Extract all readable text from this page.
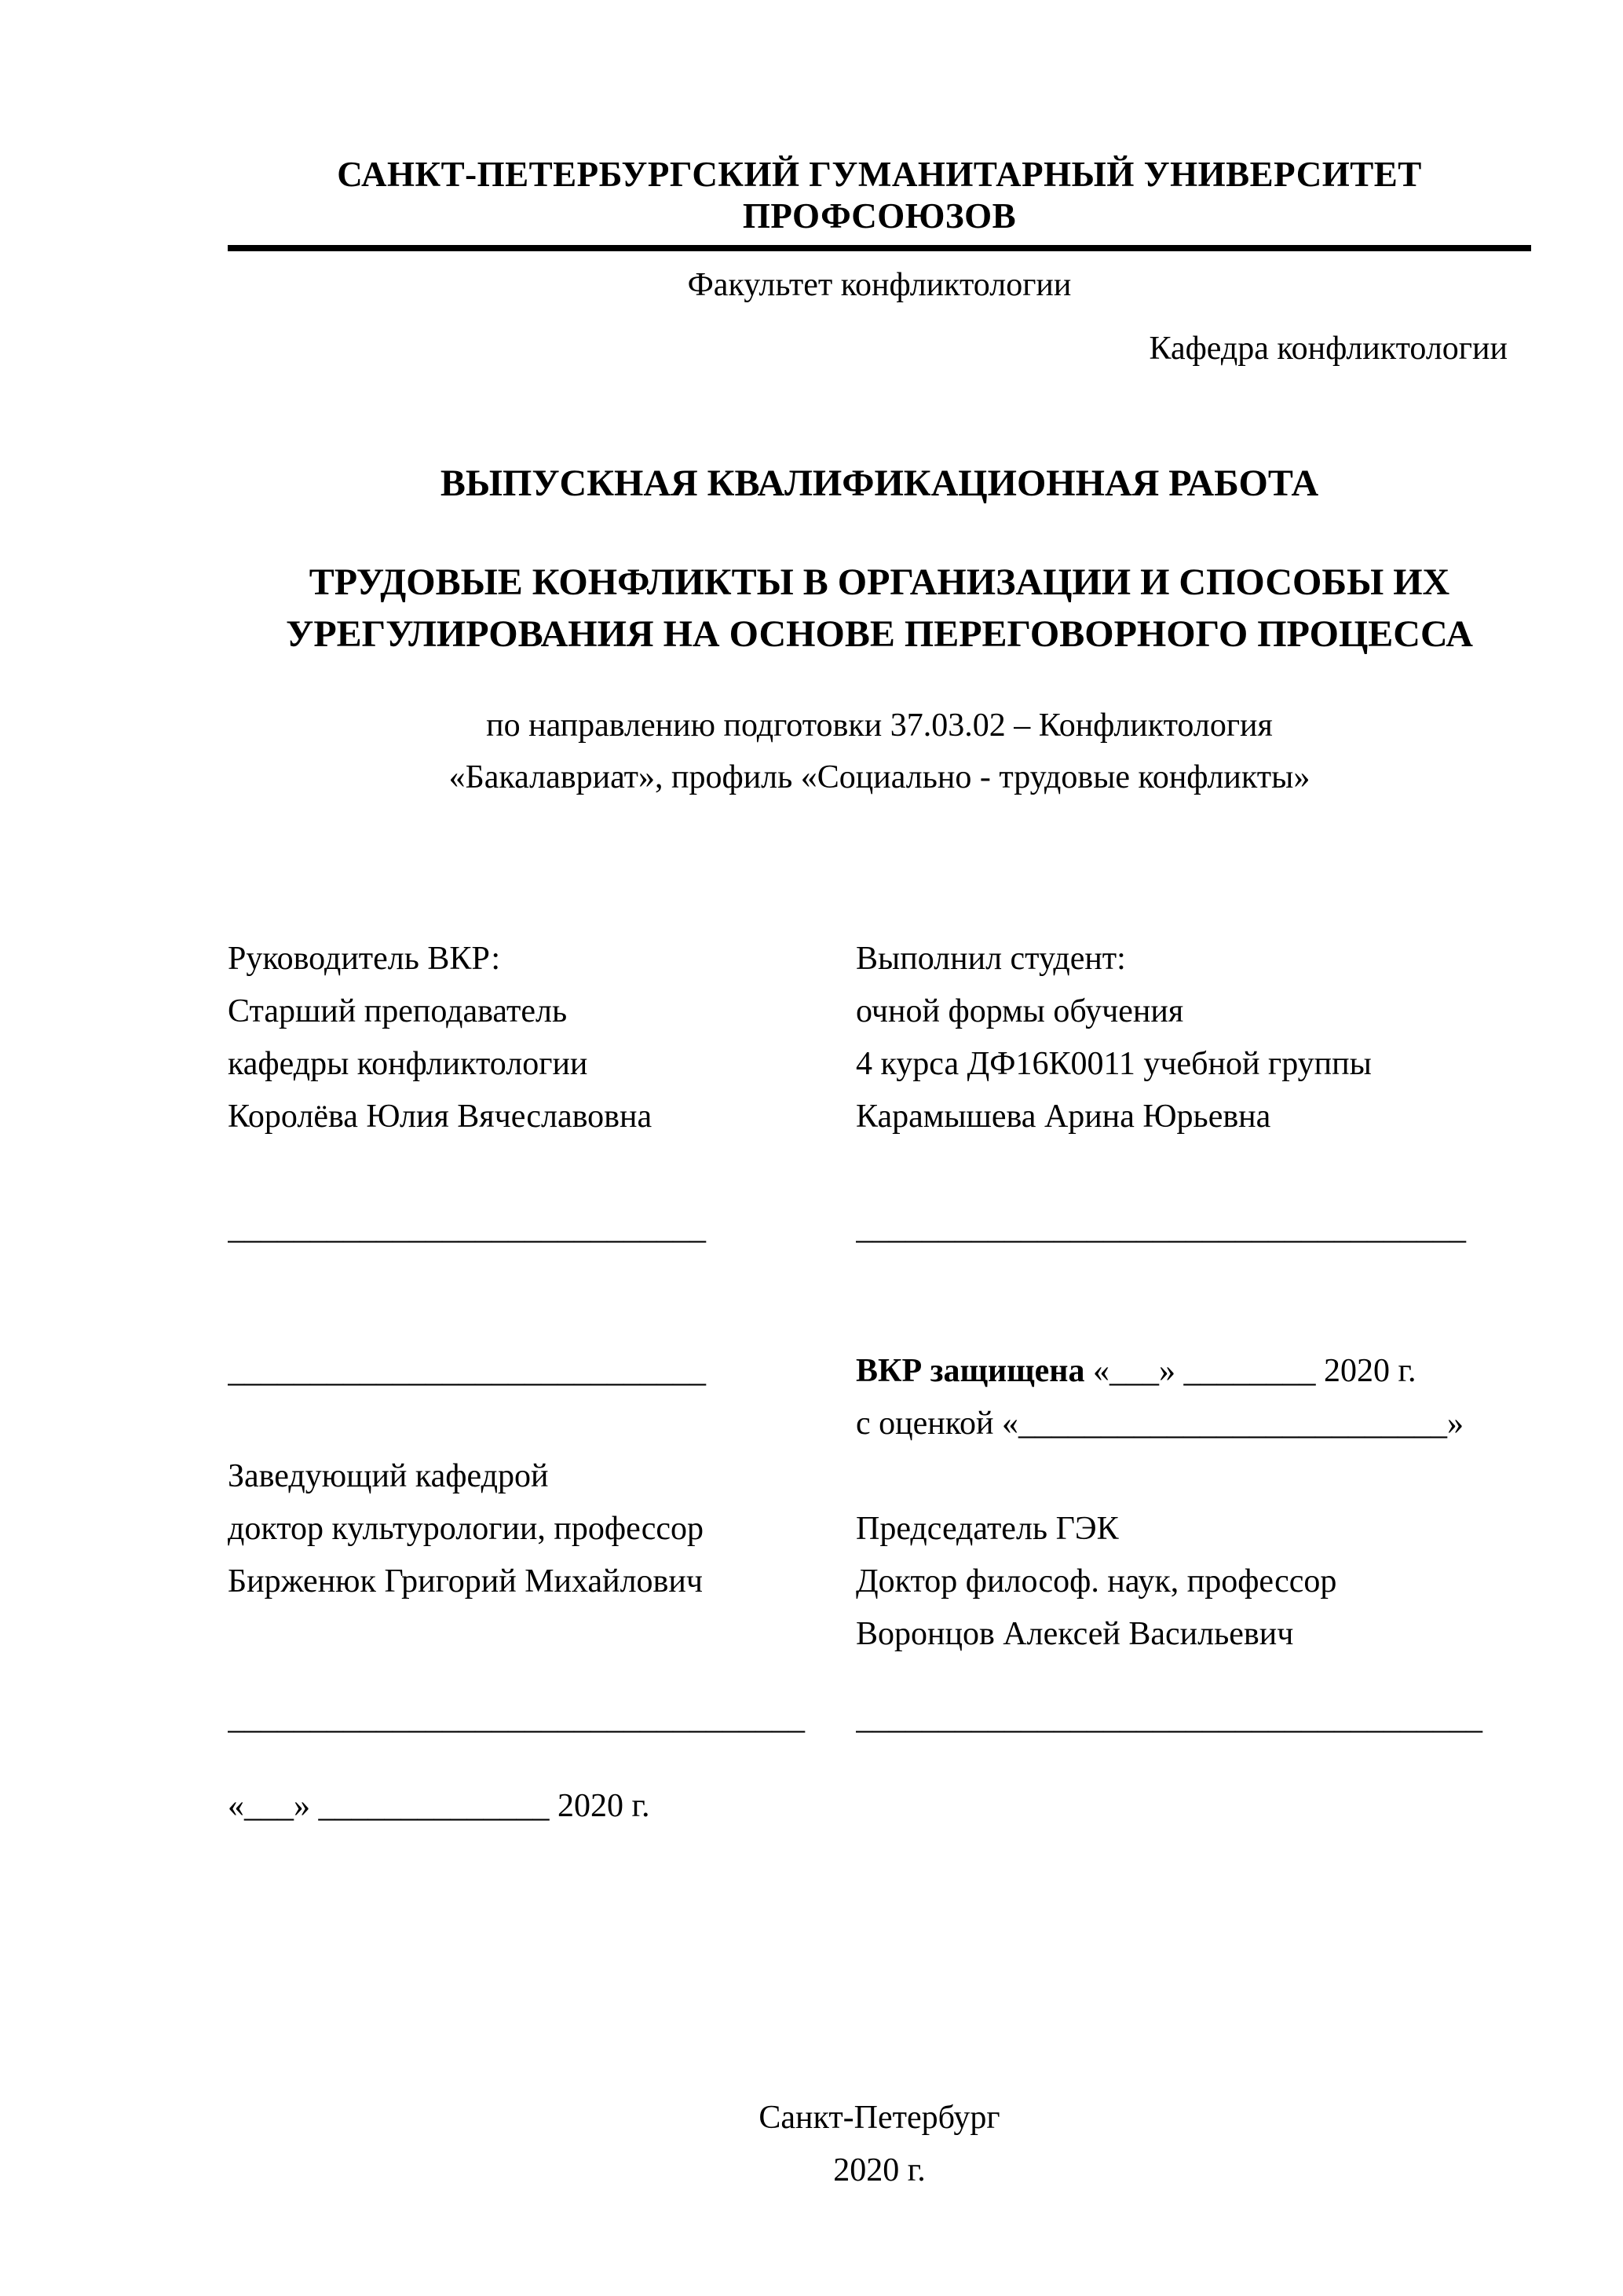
САНКТ-ПЕТЕРБУРГСКИЙ ГУМАНИТАРНЫЙ УНИВЕРСИТЕТ ПРОФСОЮЗОВ
Факультет конфликтологии
Кафедра конфликтологии
ВЫПУСКНАЯ КВАЛИФИКАЦИОННАЯ РАБОТА
ТРУДОВЫЕ КОНФЛИКТЫ В ОРГАНИЗАЦИИ И СПОСОБЫ ИХ
УРЕГУЛИРОВАНИЯ НА ОСНОВЕ ПЕРЕГОВОРНОГО ПРОЦЕССА
по направлению подготовки 37.03.02 – Конфликтология
«Бакалавриат», профиль «Социально - трудовые конфликты»
Руководитель ВКР:
Старший преподаватель
кафедры конфликтологии
Королёва Юлия Вячеславовна
Выполнил студент:
очной формы обучения
4 курса ДФ16К0011 учебной группы
Карамышева Арина Юрьевна
_____________________________	_____________________________________
_____________________________	ВКР защищена «___» ________ 2020 г.
с оценкой «__________________________»
Заведующий кафедрой
доктор культурологии, профессор
Бирженюк Григорий Михайлович
Председатель ГЭК
Доктор философ. наук, профессор
Воронцов Алексей Васильевич
___________________________________	______________________________________
«___» ______________ 2020 г.
Санкт-Петербург
2020 г.
